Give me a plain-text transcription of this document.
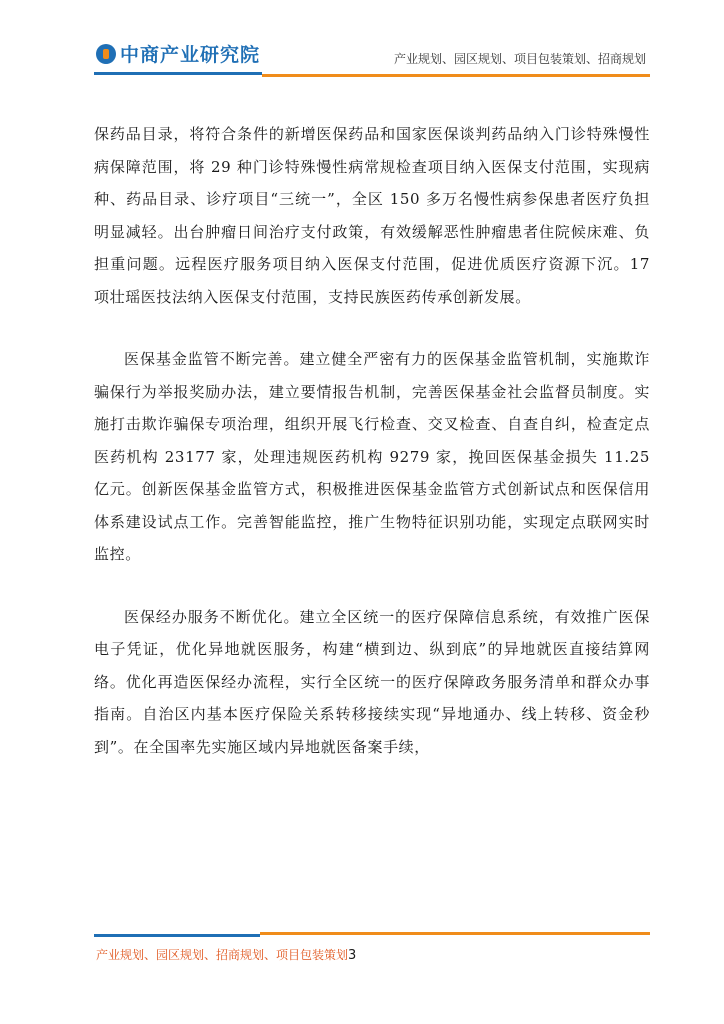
中商产业研究院	产业规划、园区规划、项目包装策划、招商规划

保药品目录，将符合条件的新增医保药品和国家医保谈判药品纳入门诊特殊慢性病保障范围，将 29 种门诊特殊慢性病常规检查项目纳入医保支付范围，实现病种、药品目录、诊疗项目“三统一”，全区 150 多万名慢性病参保患者医疗负担明显减轻。出台肿瘤日间治疗支付政策，有效缓解恶性肿瘤患者住院候床难、负担重问题。远程医疗服务项目纳入医保支付范围，促进优质医疗资源下沉。17 项壮瑶医技法纳入医保支付范围，支持民族医药传承创新发展。

医保基金监管不断完善。建立健全严密有力的医保基金监管机制，实施欺诈骗保行为举报奖励办法，建立要情报告机制，完善医保基金社会监督员制度。实施打击欺诈骗保专项治理，组织开展飞行检查、交叉检查、自查自纠，检查定点医药机构 23177 家，处理违规医药机构 9279 家，挽回医保基金损失 11.25 亿元。创新医保基金监管方式，积极推进医保基金监管方式创新试点和医保信用体系建设试点工作。完善智能监控，推广生物特征识别功能，实现定点联网实时监控。

医保经办服务不断优化。建立全区统一的医疗保障信息系统，有效推广医保电子凭证，优化异地就医服务，构建“横到边、纵到底”的异地就医直接结算网络。优化再造医保经办流程，实行全区统一的医疗保障政务服务清单和群众办事指南。自治区内基本医疗保险关系转移接续实现“异地通办、线上转移、资金秒到”。在全国率先实施区域内异地就医备案手续，

产业规划、园区规划、招商规划、项目包装策划3
